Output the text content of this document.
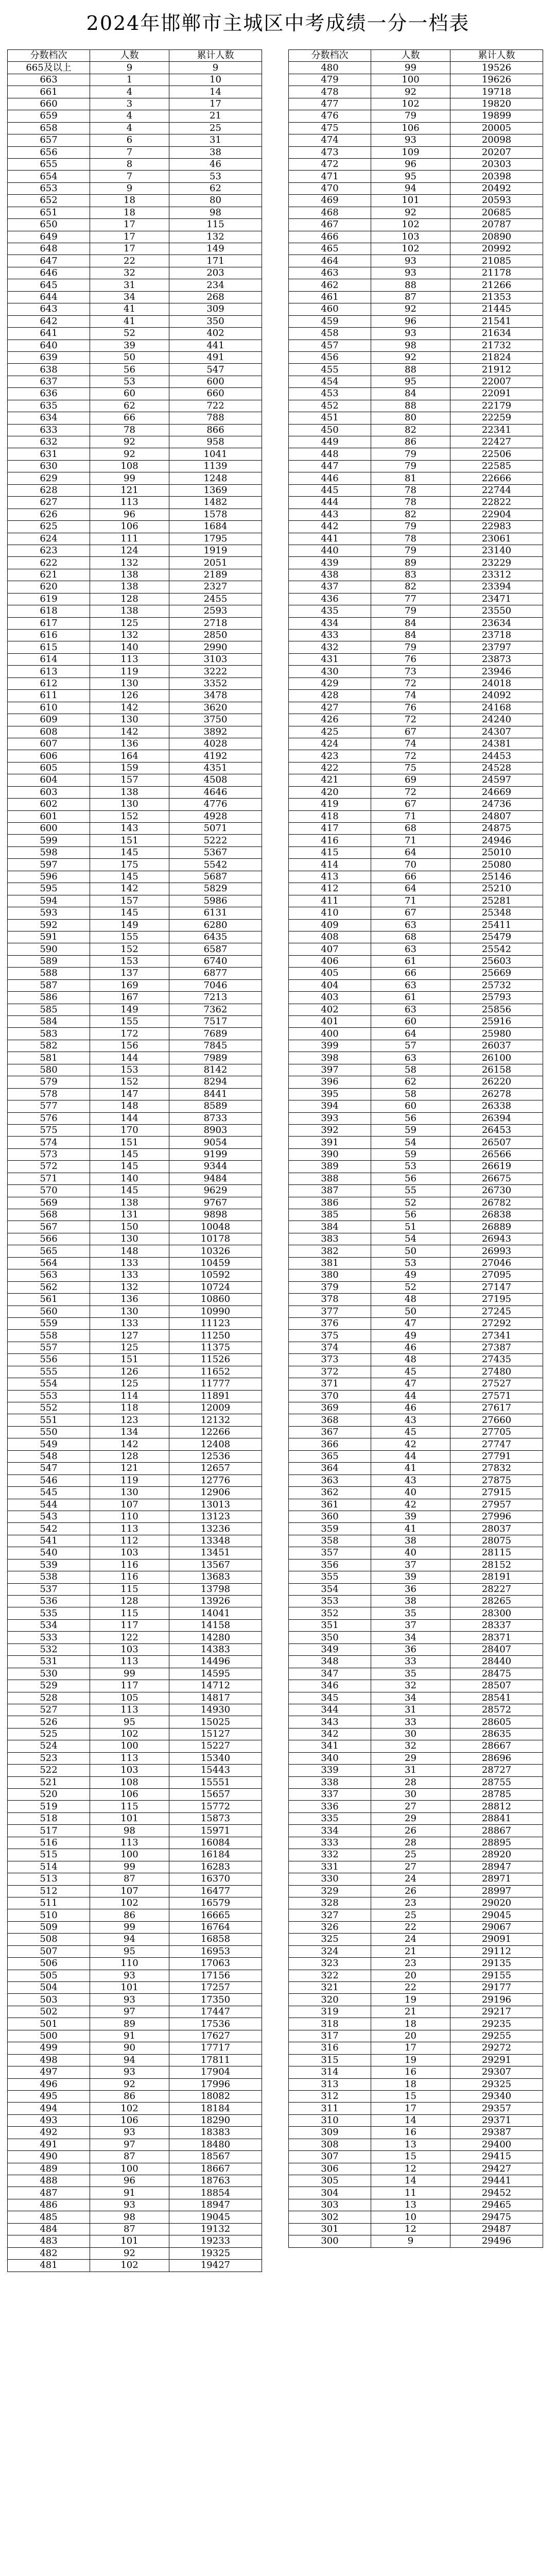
2024年邯郸市主城区中考成绩一分一档表
分数档次	人数	累计人数
665及以上	9	9
663	1	10
661	4	14
660	3	17
659	4	21
658	4	25
657	6	31
656	7	38
655	8	46
654	7	53
653	9	62
652	18	80
651	18	98
650	17	115
649	17	132
648	17	149
647	22	171
646	32	203
645	31	234
644	34	268
643	41	309
642	41	350
641	52	402
640	39	441
639	50	491
638	56	547
637	53	600
636	60	660
635	62	722
634	66	788
633	78	866
632	92	958
631	92	1041
630	108	1139
629	99	1248
628	121	1369
627	113	1482
626	96	1578
625	106	1684
624	111	1795
623	124	1919
622	132	2051
621	138	2189
620	138	2327
619	128	2455
618	138	2593
617	125	2718
616	132	2850
615	140	2990
614	113	3103
613	119	3222
612	130	3352
611	126	3478
610	142	3620
609	130	3750
608	142	3892
607	136	4028
606	164	4192
605	159	4351
604	157	4508
603	138	4646
602	130	4776
601	152	4928
600	143	5071
599	151	5222
598	145	5367
597	175	5542
596	145	5687
595	142	5829
594	157	5986
593	145	6131
592	149	6280
591	155	6435
590	152	6587
589	153	6740
588	137	6877
587	169	7046
586	167	7213
585	149	7362
584	155	7517
583	172	7689
582	156	7845
581	144	7989
580	153	8142
579	152	8294
578	147	8441
577	148	8589
576	144	8733
575	170	8903
574	151	9054
573	145	9199
572	145	9344
571	140	9484
570	145	9629
569	138	9767
568	131	9898
567	150	10048
566	130	10178
565	148	10326
564	133	10459
563	133	10592
562	132	10724
561	136	10860
560	130	10990
559	133	11123
558	127	11250
557	125	11375
556	151	11526
555	126	11652
554	125	11777
553	114	11891
552	118	12009
551	123	12132
550	134	12266
549	142	12408
548	128	12536
547	121	12657
546	119	12776
545	130	12906
544	107	13013
543	110	13123
542	113	13236
541	112	13348
540	103	13451
539	116	13567
538	116	13683
537	115	13798
536	128	13926
535	115	14041
534	117	14158
533	122	14280
532	103	14383
531	113	14496
530	99	14595
529	117	14712
528	105	14817
527	113	14930
526	95	15025
525	102	15127
524	100	15227
523	113	15340
522	103	15443
521	108	15551
520	106	15657
519	115	15772
518	101	15873
517	98	15971
516	113	16084
515	100	16184
514	99	16283
513	87	16370
512	107	16477
511	102	16579
510	86	16665
509	99	16764
508	94	16858
507	95	16953
506	110	17063
505	93	17156
504	101	17257
503	93	17350
502	97	17447
501	89	17536
500	91	17627
499	90	17717
498	94	17811
497	93	17904
496	92	17996
495	86	18082
494	102	18184
493	106	18290
492	93	18383
491	97	18480
490	87	18567
489	100	18667
488	96	18763
487	91	18854
486	93	18947
485	98	19045
484	87	19132
483	101	19233
482	92	19325
481	102	19427
分数档次	人数	累计人数
480	99	19526
479	100	19626
478	92	19718
477	102	19820
476	79	19899
475	106	20005
474	93	20098
473	109	20207
472	96	20303
471	95	20398
470	94	20492
469	101	20593
468	92	20685
467	102	20787
466	103	20890
465	102	20992
464	93	21085
463	93	21178
462	88	21266
461	87	21353
460	92	21445
459	96	21541
458	93	21634
457	98	21732
456	92	21824
455	88	21912
454	95	22007
453	84	22091
452	88	22179
451	80	22259
450	82	22341
449	86	22427
448	79	22506
447	79	22585
446	81	22666
445	78	22744
444	78	22822
443	82	22904
442	79	22983
441	78	23061
440	79	23140
439	89	23229
438	83	23312
437	82	23394
436	77	23471
435	79	23550
434	84	23634
433	84	23718
432	79	23797
431	76	23873
430	73	23946
429	72	24018
428	74	24092
427	76	24168
426	72	24240
425	67	24307
424	74	24381
423	72	24453
422	75	24528
421	69	24597
420	72	24669
419	67	24736
418	71	24807
417	68	24875
416	71	24946
415	64	25010
414	70	25080
413	66	25146
412	64	25210
411	71	25281
410	67	25348
409	63	25411
408	68	25479
407	63	25542
406	61	25603
405	66	25669
404	63	25732
403	61	25793
402	63	25856
401	60	25916
400	64	25980
399	57	26037
398	63	26100
397	58	26158
396	62	26220
395	58	26278
394	60	26338
393	56	26394
392	59	26453
391	54	26507
390	59	26566
389	53	26619
388	56	26675
387	55	26730
386	52	26782
385	56	26838
384	51	26889
383	54	26943
382	50	26993
381	53	27046
380	49	27095
379	52	27147
378	48	27195
377	50	27245
376	47	27292
375	49	27341
374	46	27387
373	48	27435
372	45	27480
371	47	27527
370	44	27571
369	46	27617
368	43	27660
367	45	27705
366	42	27747
365	44	27791
364	41	27832
363	43	27875
362	40	27915
361	42	27957
360	39	27996
359	41	28037
358	38	28075
357	40	28115
356	37	28152
355	39	28191
354	36	28227
353	38	28265
352	35	28300
351	37	28337
350	34	28371
349	36	28407
348	33	28440
347	35	28475
346	32	28507
345	34	28541
344	31	28572
343	33	28605
342	30	28635
341	32	28667
340	29	28696
339	31	28727
338	28	28755
337	30	28785
336	27	28812
335	29	28841
334	26	28867
333	28	28895
332	25	28920
331	27	28947
330	24	28971
329	26	28997
328	23	29020
327	25	29045
326	22	29067
325	24	29091
324	21	29112
323	23	29135
322	20	29155
321	22	29177
320	19	29196
319	21	29217
318	18	29235
317	20	29255
316	17	29272
315	19	29291
314	16	29307
313	18	29325
312	15	29340
311	17	29357
310	14	29371
309	16	29387
308	13	29400
307	15	29415
306	12	29427
305	14	29441
304	11	29452
303	13	29465
302	10	29475
301	12	29487
300	9	29496
